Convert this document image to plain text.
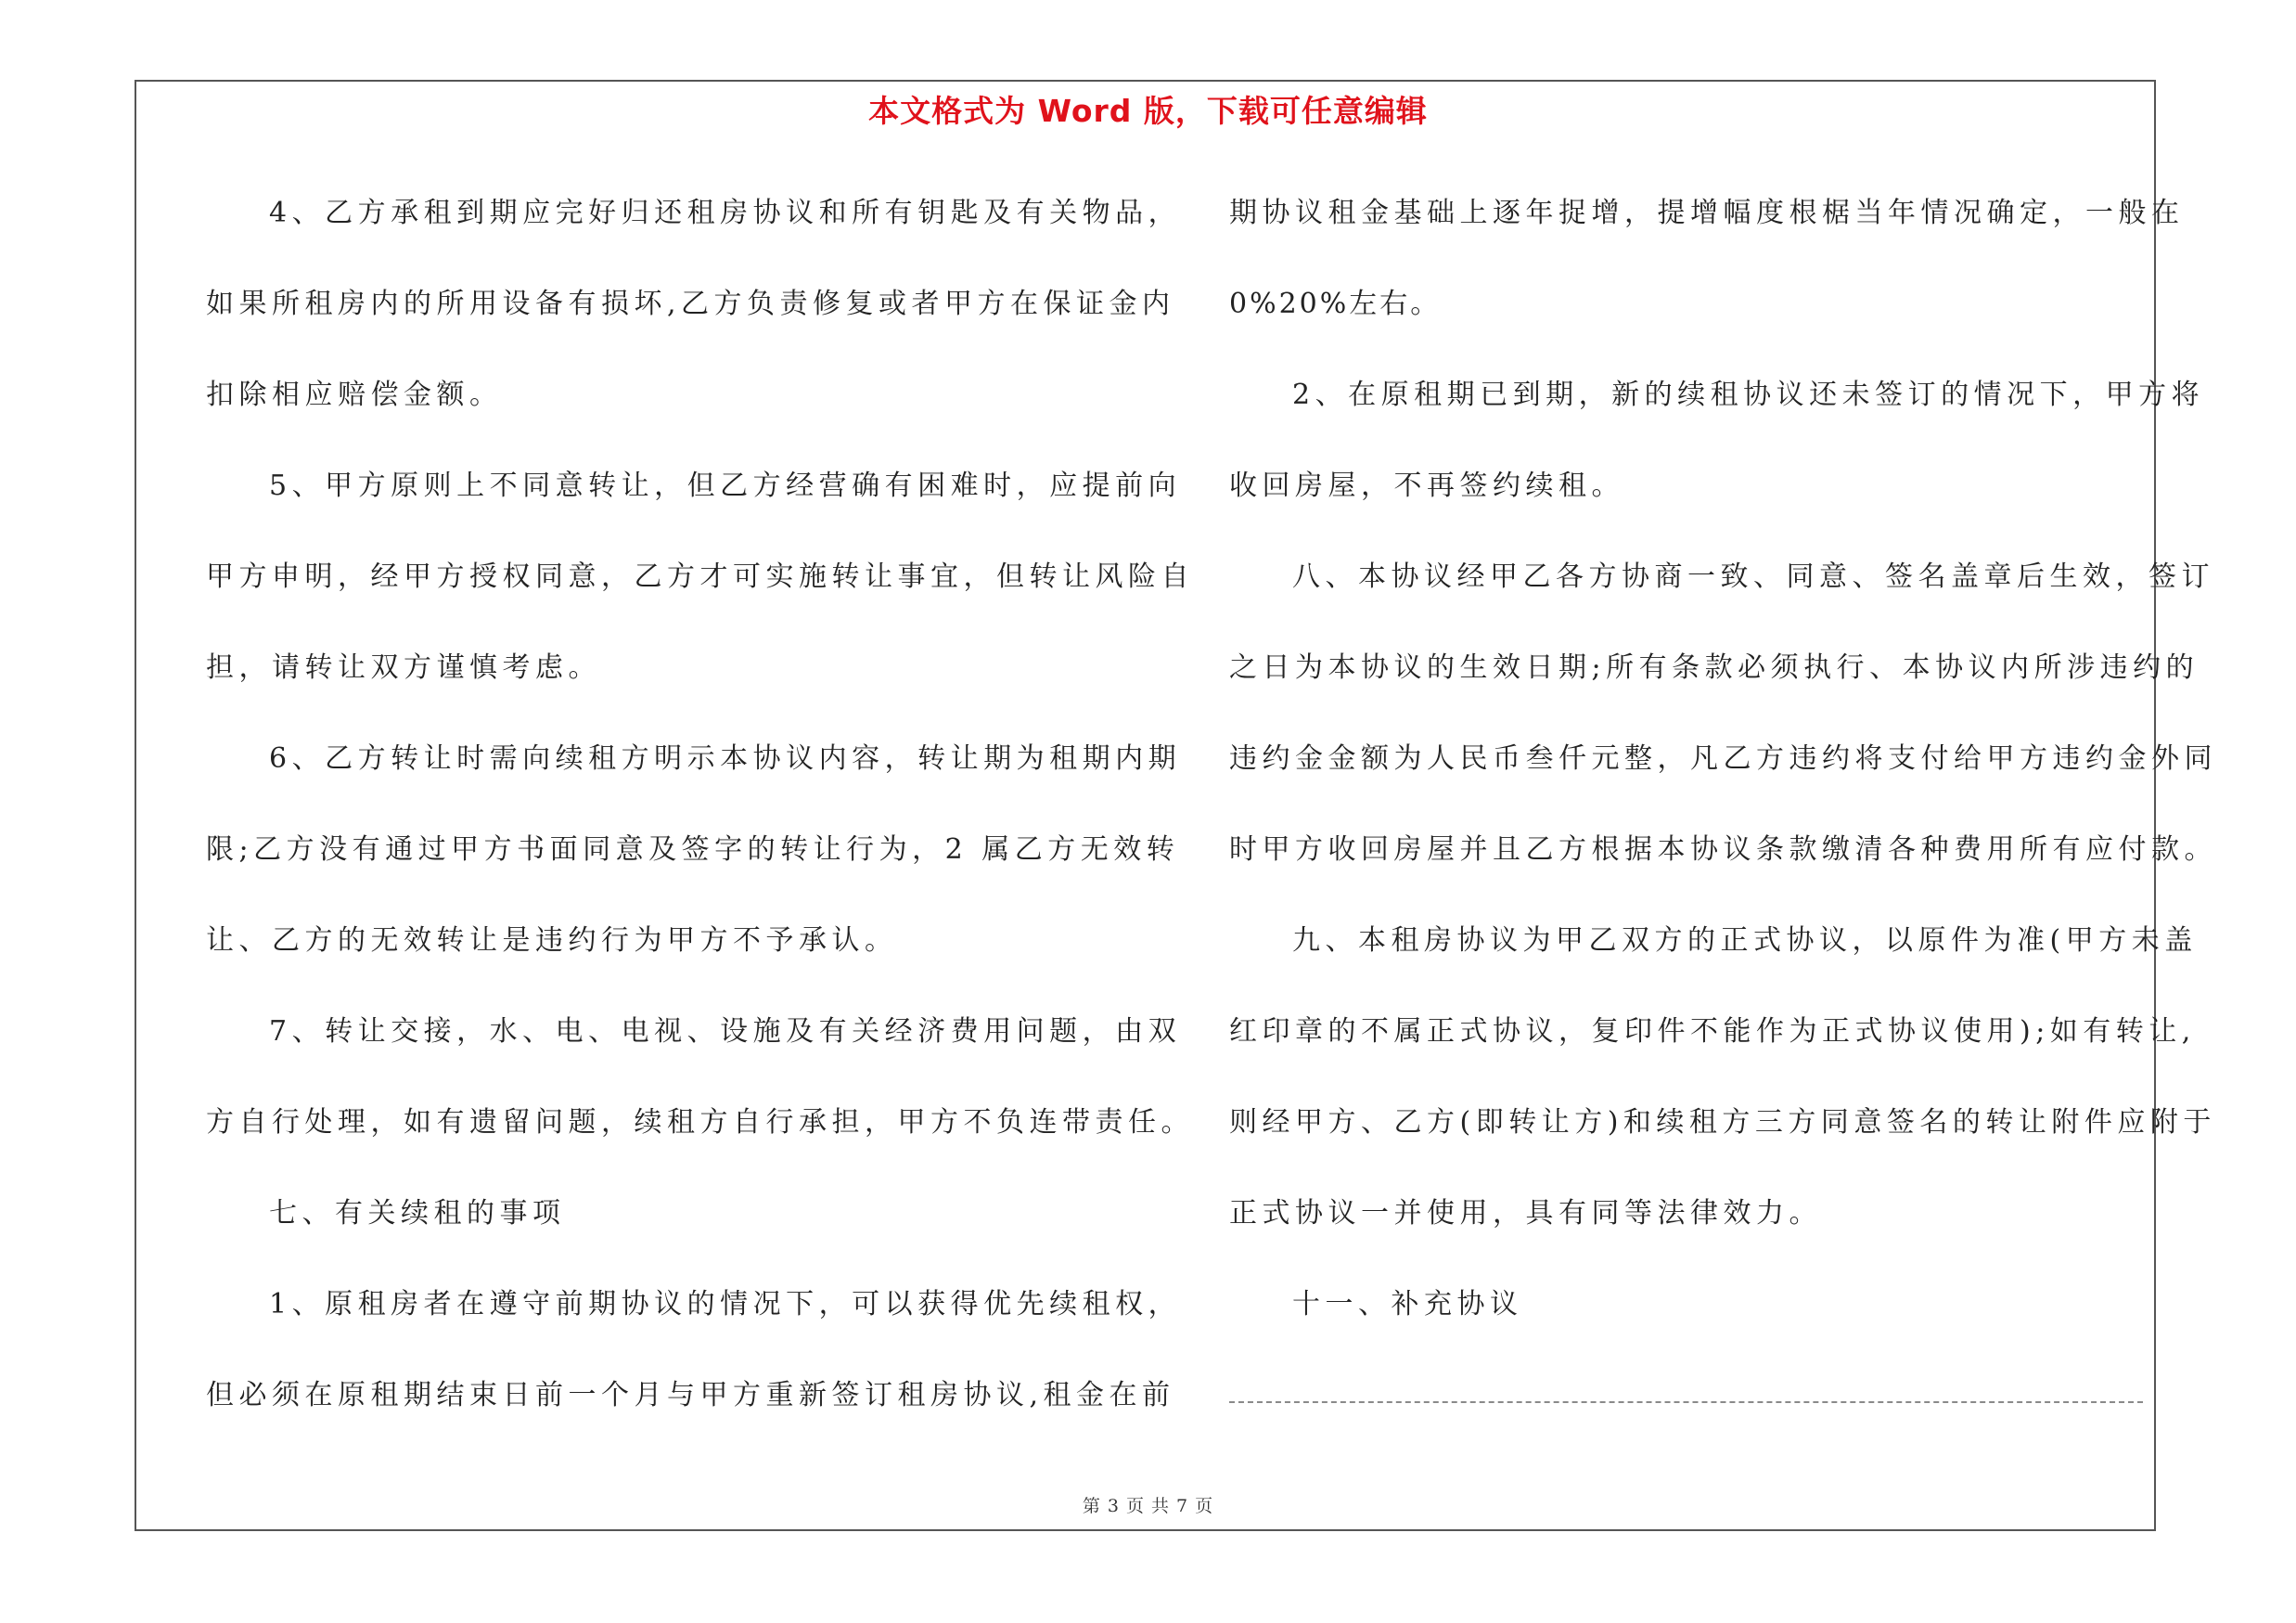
本文格式为 Word 版，下载可任意编辑
4、乙方承租到期应完好归还租房协议和所有钥匙及有关物品，
如果所租房内的所用设备有损坏,乙方负责修复或者甲方在保证金内
扣除相应赔偿金额。
5、甲方原则上不同意转让，但乙方经营确有困难时，应提前向
甲方申明，经甲方授权同意，乙方才可实施转让事宜，但转让风险自
担，请转让双方谨慎考虑。
6、乙方转让时需向续租方明示本协议内容，转让期为租期内期
限;乙方没有通过甲方书面同意及签字的转让行为，2 属乙方无效转
让、乙方的无效转让是违约行为甲方不予承认。
7、转让交接，水、电、电视、设施及有关经济费用问题，由双
方自行处理，如有遗留问题，续租方自行承担，甲方不负连带责任。
七、有关续租的事项
1、原租房者在遵守前期协议的情况下，可以获得优先续租权，
但必须在原租期结束日前一个月与甲方重新签订租房协议,租金在前
期协议租金基础上逐年捉增，提增幅度根椐当年情况确定，一般在
0%20%左右。
2、在原租期已到期，新的续租协议还未签订的情况下，甲方将
收回房屋，不再签约续租。
八、本协议经甲乙各方协商一致、同意、签名盖章后生效，签订
之日为本协议的生效日期;所有条款必须执行、本协议内所涉违约的
违约金金额为人民币叁仟元整，凡乙方违约将支付给甲方违约金外同
时甲方收回房屋并且乙方根据本协议条款缴清各种费用所有应付款。
九、本租房协议为甲乙双方的正式协议，以原件为准(甲方未盖
红印章的不属正式协议，复印件不能作为正式协议使用);如有转让,
则经甲方、乙方(即转让方)和续租方三方同意签名的转让附件应附于
正式协议一并使用，具有同等法律效力。
十一、补充协议
第 3 页 共 7 页
